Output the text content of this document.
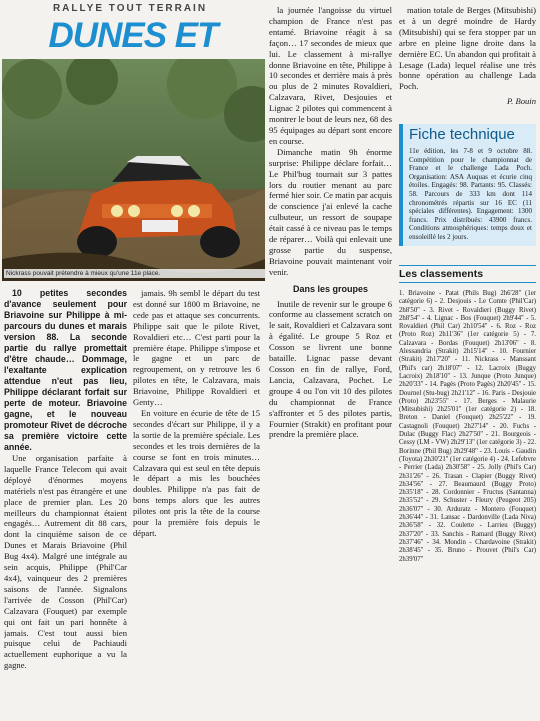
RALLYE TOUT TERRAIN
DUNES ET
Nickrass pouvait prétendre à mieux qu'une 11e place.

10 petites secondes d'avance seulement pour Briavoine sur Philippe à mi-parcours du dunes et marais version 88. La seconde partie du rallye promettait d'être chaude… Dommage, l'exaltante explication attendue n'eut pas lieu, Philippe déclarant forfait sur perte de moteur. Briavoine gagne, et le nouveau promoteur Rivet de décroche sa première victoire cette année.

Une organisation parfaite à laquelle France Telecom qui avait déployé d'énormes moyens matériels n'est pas étrangère et une place de premier plan. Les 20 meilleurs du championnat étaient engagés… Autrement dit 88 cars, dont la cinquième saison de ce Dunes et Marais Briavoine (Phil Bug 4x4). Malgré une intégrale au sein acquis, Philippe (Phil'Car 4x4), vainqueur des 2 premières saisons de l'année. Signalons l'arrivée de Cosson (Phil'Car) Calzavara (Fouquet) par exemple qui ont fait un pari honnête à jamais. C'est tout aussi bien puisque celui de Pachiaudi actuellement euphorique a vu la gagne.

jamais. 9h sembl le départ du test est donné sur 1800 m Briavoine, ne cede pas et attaque ses concurrents. Philippe sait que le pilote Rivet, Rovaldieri etc… C'est parti pour la première étape. Philippe s'impose et le gagne et un parc de regroupement, on y retrouve les 6 pilotes en tête, le Calzavara, mais Briavoine, Philippe Rovaldieri et Genty…

En voiture en écurie de tête de 15 secondes d'écart sur Philippe, il y a la sortie de la première spéciale. Les secondes et les trois dernières de la course se font en trois minutes… Calzavara qui est seul en tête depuis le départ a mis les bouchées doubles. Philippe n'a pas fait de bons temps alors que les autres pilotes ont pris la tête de la course pour la première fois depuis le départ.

la journée l'angoisse du virtuel champion de France n'est pas entamé. Briavoine réagit à sa façon… 17 secondes de mieux que lui. Le classement à mi-rallye donne Briavoine en tête, Philippe à 10 secondes et derrière mais à près ou plus de 2 minutes Rovaldieri, Calzavara, Rivet, Desjouies et Lignac 2 pilotes qui commencent à montrer le bout de leurs nez, 68 des 95 équipages au départ sont encore en course.

Dimanche matin 9h énorme surprise: Philippe déclare forfait… Le Phil'bug tournait sur 3 pattes lors du routier menant au parc fermé hier soir. Ce matin par acquis de conscience j'ai enlevé la cache culbuteur, un ressort de soupape était cassé à ce niveau pas le temps de réparer… Voilà qui enlevait une grosse partie du suspense, Briavoine pouvait maintenant voir venir.

Dans les groupes

Inutile de revenir sur le groupe 6 conforme au classement scratch on le sait, Rovaldieri et Calzavara sont à égalité. Le groupe 5 Roz et Cosson se livrent une bonne bataille. Lignac passe devant Cosson en fin de rallye, Ford, Lancia, Calzavara, Pochet. Le groupe 4 ou l'on vit 10 des pilotes du championnat de France s'affronter et 5 des pilotes partis, Fournier (Strakit) en profitant pour prendre la première place.

mation totale de Berges (Mitsubishi) et à un degré moindre de Hardy (Mitsubishi) qui se fera stopper par un arbre en pleine ligne droite dans la dernière EC. Un abandon qui profitait à Lesage (Lada) lequel réalise une très bonne opération au challenge Lada Poch.

P. Bouin
Fiche technique
11e édition, les 7-8 et 9 octobre 88. Compétition pour le championnat de France et le challenge Lada Poch. Organisation: ASA Auquas et écurie cinq étoiles. Engagés: 98. Partants: 95. Classés: 58. Parcours de 333 km dont 114 chronométrés répartis sur 16 EC (11 spéciales différentes). Engagement: 1300 francs. Prix distribués: 43900 francs. Conditions atmosphériques: temps doux et ensoleillé les 2 jours.
Les classements
1. Briavoine - Patat (Phils Bug) 2h6'28'' (1er catégorie 6) - 2. Desjouis - Le Comte (Phil'Car) 2h8'50'' - 3. Rivet - Rovaldieri (Buggy Rivet) 2h8'54'' - 4. Lignac - Bos (Fouquet) 2h9'44'' - 5. Rovaldieri (Phil Car) 2h10'54'' - 6. Roz - Roz (Proto Roz) 2h11'36'' (1er catégorie 5) - 7. Calzavara - Bordas (Fouquet) 2h13'06'' - 8. Alessandria (Strakit) 2h15'14'' - 10. Fournier (Strakit) 2h17'20'' - 11. Nickrass - Manssant (Phil's car) 2h18'07'' - 12. Lacroix (Buggy Lacroix) 2h18'10'' - 13. Junque (Proto Junque) 2h20'33'' - 14. Pagès (Proto Pagès) 2h20'45'' - 15. Dournel (Stu-bug) 2h21'12'' - 16. Paris - Desjouie (Proto) 2h23'55'' - 17. Berges - Malaurie (Mitsubishi) 2h25'01'' (1er catégorie 2) - 18. Breton - Daniel (Fouquet) 2h25'22'' - 19. Castagnoli (Fouquet) 2h27'14'' - 20. Fuchs - Dulac (Buggy Flac) 2h27'50'' - 21. Bourgeois - Cessy (LM - VW) 2h29'13'' (1er catégorie 3) - 22. Borinne (Phil Bug) 2h29'48'' - 23. Louis - Gaudin (Toyota) 2h30'21'' (1er catégorie 4) - 24. Lefebvre - Perrier (Lada) 2h30'58'' - 25. Jolly (Phil's Car) 2h31'26'' - 26. Trasan - Clapier (Buggy Rivet) 2h34'56'' - 27. Beaumaurd (Buggy Proto) 2h35'18'' - 28. Cordonnier - Fructus (Santanna) 2h35'52'' - 29. Schuster - Fleury (Peugeot 205) 2h36'07'' - 30. Arduratz - Montero (Fouquet) 2h36'44'' - 31. Lansac - Dardonville (Lada Niva) 2h36'58'' - 32. Coulette - Larrieu (Buggy) 2h37'20'' - 33. Sanchis - Ramard (Buggy Rivet) 2h37'46'' - 34. Mondin - Chardavoine (Strakit) 2h38'45'' - 35. Bruno - Prouvet (Phil's Car) 2h39'07''
